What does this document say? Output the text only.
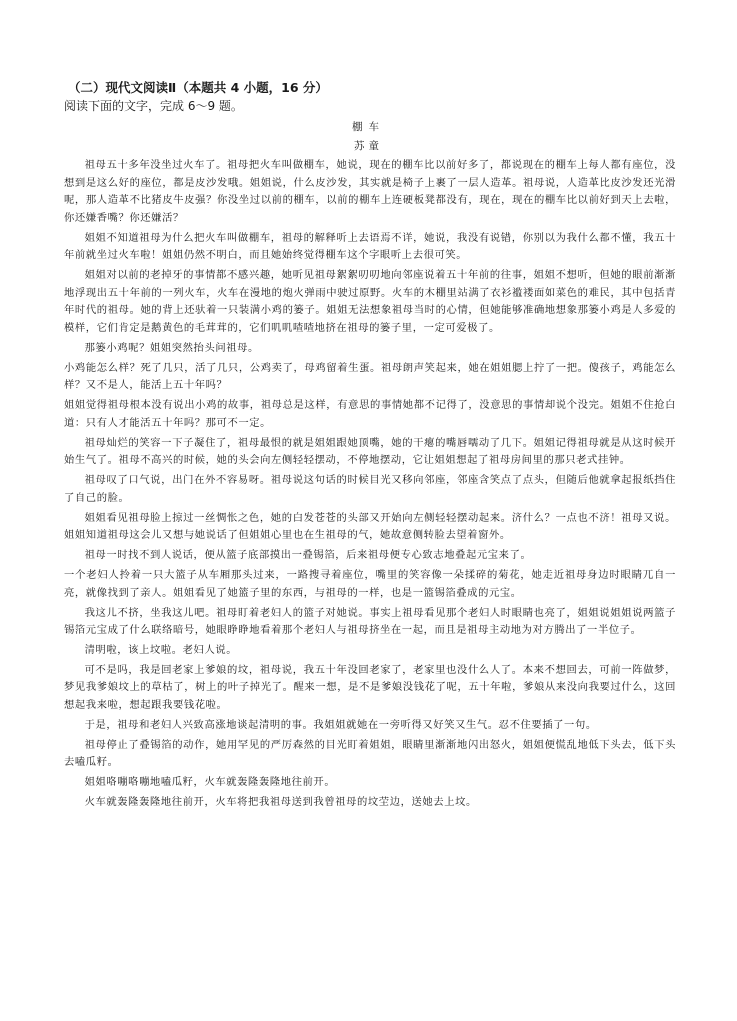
（二）现代文阅读Ⅱ（本题共 4 小题，16 分）
阅读下面的文字，完成 6～9 题。
棚车
苏童

祖母五十多年没坐过火车了。祖母把火车叫做棚车，她说，现在的棚车比以前好多了，都说现在的棚车上每人都有座位，没想到是这么好的座位，都是皮沙发哦。姐姐说，什么皮沙发，其实就是椅子上裹了一层人造革。祖母说，人造革比皮沙发还光滑呢，那人造革不比猪皮牛皮强？你没坐过以前的棚车，以前的棚车上连硬板凳都没有，现在，现在的棚车比以前好到天上去啦，你还嫌香嘴？你还嫌活？

姐姐不知道祖母为什么把火车叫做棚车，祖母的解释听上去语焉不详，她说，我没有说错，你别以为我什么都不懂，我五十年前就坐过火车啦！姐姐仍然不明白，而且她始终觉得棚车这个字眼听上去很可笑。

姐姐对以前的老掉牙的事情都不感兴趣，她听见祖母絮絮叨叨地向邻座说着五十年前的往事，姐姐不想听，但她的眼前渐渐地浮现出五十年前的一列火车，火车在漫地的炮火弹雨中驶过原野。火车的木棚里站满了衣衫褴褛面如菜色的难民，其中包括青年时代的祖母。她的背上还驮着一只装满小鸡的篓子。姐姐无法想象祖母当时的心情，但她能够准确地想象那篓小鸡是人多爱的模样，它们肯定是鹅黄色的毛茸茸的，它们叽叽喳喳地挤在祖母的篓子里，一定可爱极了。

那篓小鸡呢？姐姐突然抬头问祖母。

小鸡能怎么样？死了几只，活了几只，公鸡卖了，母鸡留着生蛋。祖母朗声笑起来，她在姐姐腮上拧了一把。傻孩子，鸡能怎么样？又不是人，能活上五十年吗？

姐姐觉得祖母根本没有说出小鸡的故事，祖母总是这样，有意思的事情她都不记得了，没意思的事情却说个没完。姐姐不住抢白道：只有人才能活五十年吗？那可不一定。

祖母灿烂的笑容一下子凝住了，祖母最恨的就是姐姐跟她顶嘴，她的干瘪的嘴唇嚅动了几下。姐姐记得祖母就是从这时候开始生气了。祖母不高兴的时候，她的头会向左侧轻轻摆动，不停地摆动，它让姐姐想起了祖母房间里的那只老式挂钟。

祖母叹了口气说，出门在外不容易呀。祖母说这句话的时候目光又移向邻座，邻座含笑点了点头，但随后他就拿起报纸挡住了自己的脸。

姐姐看见祖母脸上掠过一丝惆怅之色，她的白发苍苍的头部又开始向左侧轻轻摆动起来。济什么？一点也不济！祖母又说。姐姐知道祖母这会儿又想与她说话了但姐姐心里也在生祖母的气，她故意侧转脸去望着窗外。

祖母一时找不到人说话，便从篮子底部摸出一叠锡箔，后来祖母便专心致志地叠起元宝来了。

一个老妇人拎着一只大篮子从车厢那头过来，一路搜寻着座位，嘴里的笑容像一朵揉碎的菊花，她走近祖母身边时眼睛兀自一亮，就像找到了亲人。姐姐看见了她篮子里的东西，与祖母的一样，也是一篮锡箔叠成的元宝。

我这儿不挤，坐我这儿吧。祖母盯着老妇人的篮子对她说。事实上祖母看见那个老妇人时眼睛也亮了，姐姐说姐姐说两篮子锡箔元宝成了什么联络暗号，她眼睁睁地看着那个老妇人与祖母挤坐在一起，而且是祖母主动地为对方腾出了一半位子。

清明啦，该上坟啦。老妇人说。

可不是吗，我是回老家上爹娘的坟，祖母说，我五十年没回老家了，老家里也没什么人了。本来不想回去，可前一阵做梦，梦见我爹娘坟上的草枯了，树上的叶子掉光了。醒来一想，是不是爹娘没钱花了呢，五十年啦，爹娘从来没向我要过什么，这回想起我来啦，想起跟我要钱花啦。

于是，祖母和老妇人兴致高涨地谈起清明的事。我姐姐就她在一旁听得又好笑又生气。忍不住要插了一句。

祖母停止了叠锡箔的动作，她用罕见的严厉森然的目光盯着姐姐，眼睛里渐渐地闪出怒火，姐姐便慌乱地低下头去，低下头去嗑瓜籽。

姐姐咯嘣咯嘣地嗑瓜籽，火车就轰隆轰隆地往前开。

火车就轰隆轰隆地往前开，火车将把我祖母送到我曾祖母的坟茔边，送她去上坟。
